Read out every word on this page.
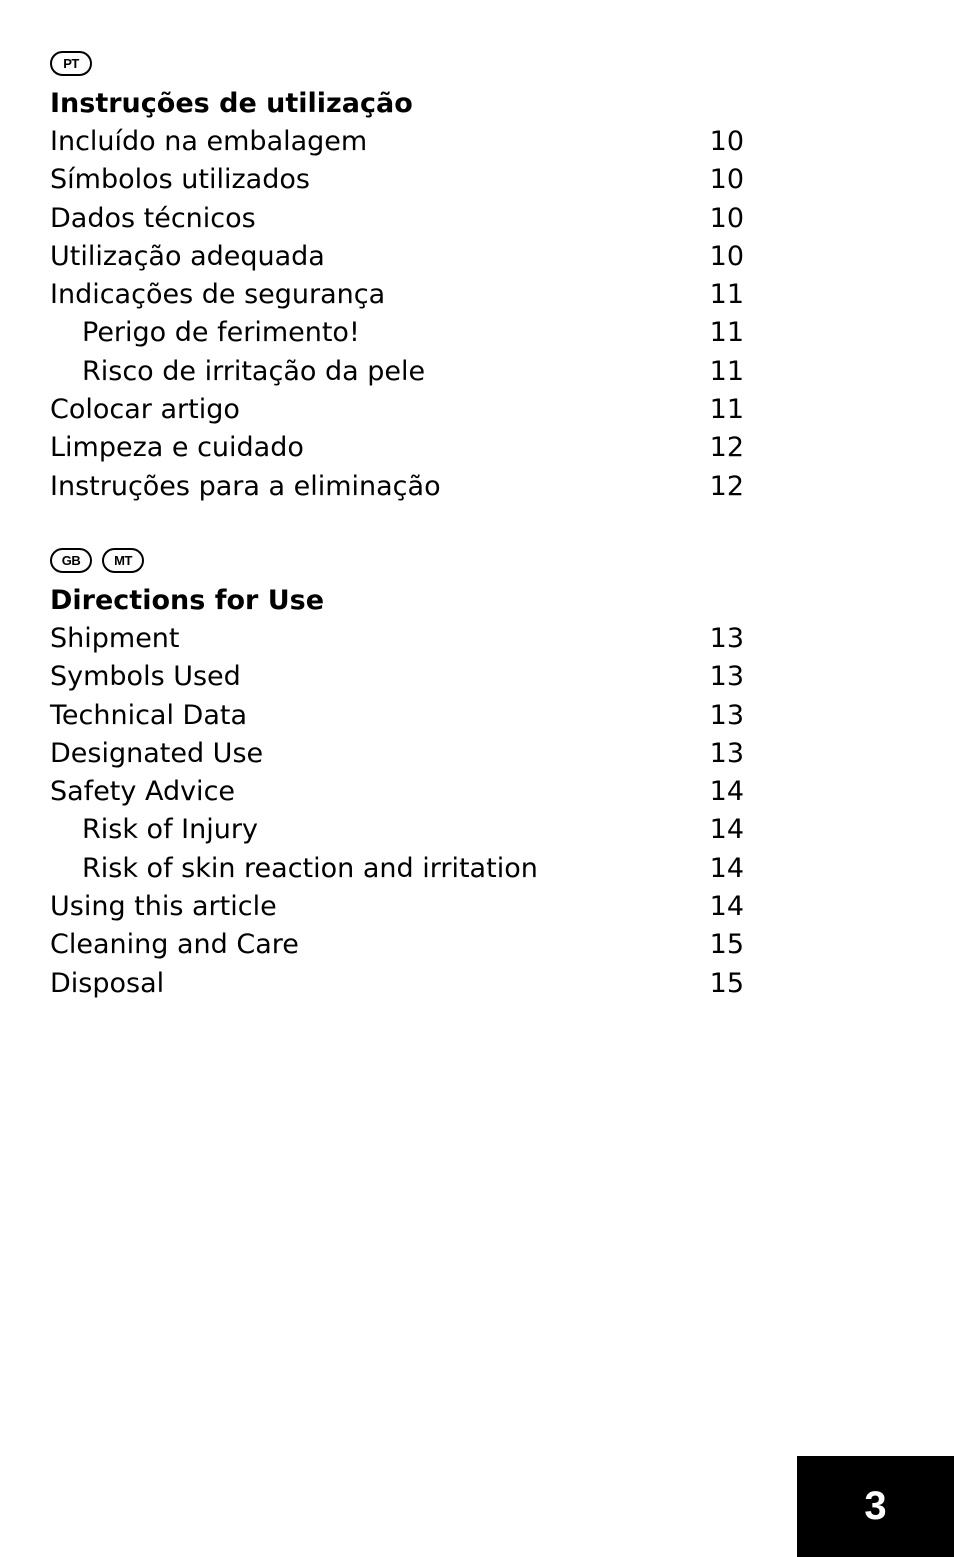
PT
Instruções de utilização
Incluído na embalagem	10
Símbolos utilizados	10
Dados técnicos	10
Utilização adequada	10
Indicações de segurança	11
Perigo de ferimento!	11
Risco de irritação da pele	11
Colocar artigo	11
Limpeza e cuidado	12
Instruções para a eliminação	12
GB	MT
Directions for Use
Shipment	13
Symbols Used	13
Technical Data	13
Designated Use	13
Safety Advice	14
Risk of Injury	14
Risk of skin reaction and irritation	14
Using this article	14
Cleaning and Care	15
Disposal	15
3
